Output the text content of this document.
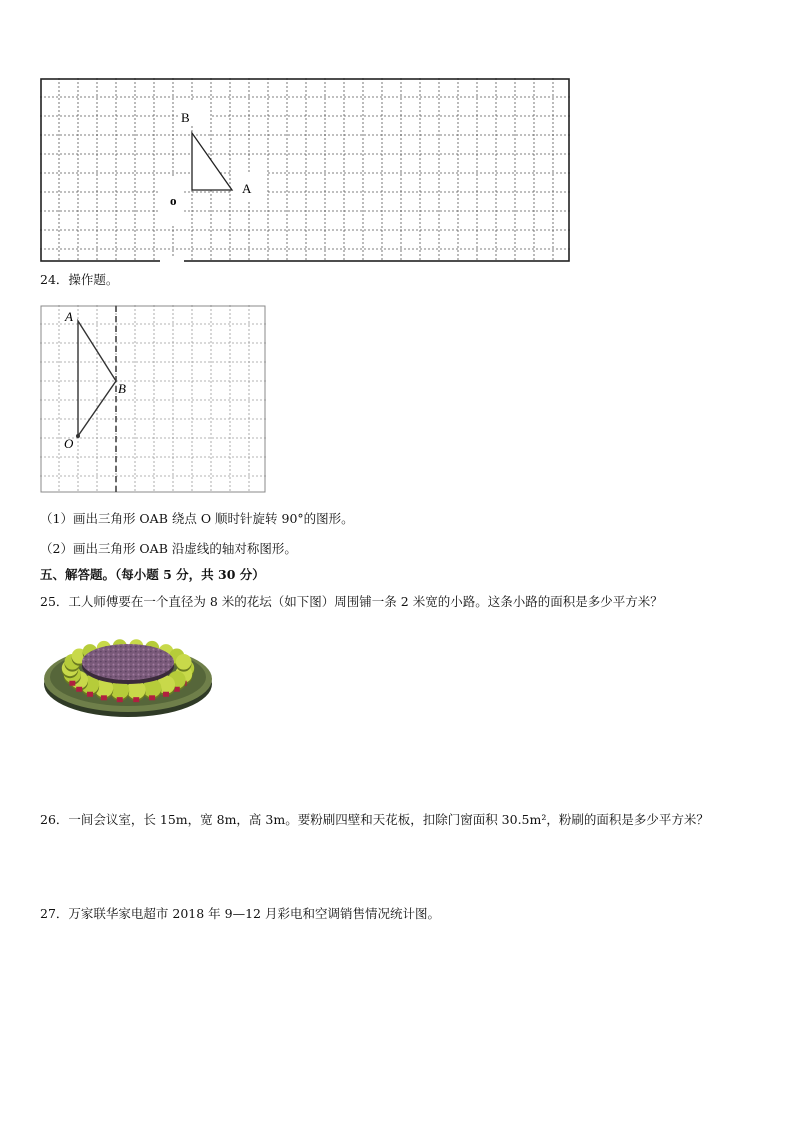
B
A
o
24．操作题。
A
B
O
（1）画出三角形 OAB 绕点 O 顺时针旋转 90°的图形。
（2）画出三角形 OAB 沿虚线的轴对称图形。
五、解答题。（每小题 5 分，共 30 分）
25．工人师傅要在一个直径为 8 米的花坛（如下图）周围铺一条 2 米宽的小路。这条小路的面积是多少平方米？
26．一间会议室，长 15m，宽 8m，高 3m。要粉刷四壁和天花板，扣除门窗面积 30.5m²，粉刷的面积是多少平方米？
27．万家联华家电超市 2018 年 9—12 月彩电和空调销售情况统计图。
